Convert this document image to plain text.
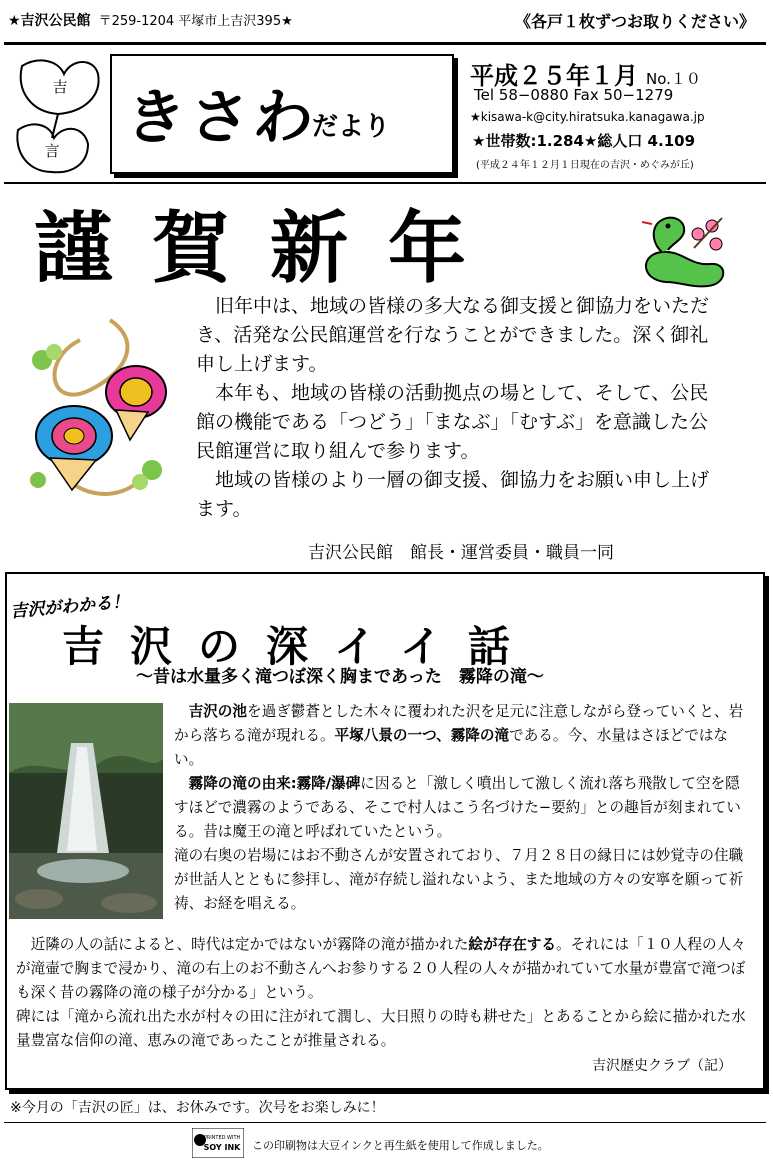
★吉沢公民館 〒259-1204 平塚市上吉沢395★	《各戸１枚ずつお取りください》
吉
言 きさわ
だより
平成２５年１月 No.１０
Tel 58−0880 Fax 50−1279
★kisawa-k@city.hiratsuka.kanagawa.jp
★世帯数:1.284★総人口 4.109
(平成２４年１２月１日現在の吉沢・めぐみが丘)
謹賀新年

旧年中は、地域の皆様の多大なる御支援と御協力をいただき、活発な公民館運営を行なうことができました。深く御礼申し上げます。

本年も、地域の皆様の活動拠点の場として、そして、公民館の機能である「つどう」「まなぶ」「むすぶ」を意識した公民館運営に取り組んで参ります。

地域の皆様のより一層の御支援、御協力をお願い申し上げます。

吉沢公民館　館長・運営委員・職員一同
吉沢がわかる！
吉沢の深イイ話
〜昔は水量多く滝つぼ深く胸まであった　霧降の滝〜

吉沢の池を過ぎ鬱蒼とした木々に覆われた沢を足元に注意しながら登っていくと、岩から落ちる滝が現れる。平塚八景の一つ、霧降の滝である。今、水量はさほどではない。

霧降の滝の由来:霧降/瀑碑に因ると「激しく噴出して激しく流れ落ち飛散して空を隠すほどで濃霧のようである、そこで村人はこう名づけた−要約」との趣旨が刻まれている。昔は魔王の滝と呼ばれていたという。

滝の右奥の岩場にはお不動さんが安置されており、７月２８日の縁日には妙覚寺の住職が世話人とともに参拝し、滝が存続し溢れないよう、また地域の方々の安寧を願って祈祷、お経を唱える。

近隣の人の話によると、時代は定かではないが霧降の滝が描かれた絵が存在する。それには「１０人程の人々が滝壷で胸まで浸かり、滝の右上のお不動さんへお参りする２０人程の人々が描かれていて水量が豊富で滝つぼも深く昔の霧降の滝の様子が分かる」という。

碑には「滝から流れ出た水が村々の田に注がれて潤し、大日照りの時も耕せた」とあることから絵に描かれた水量豊富な信仰の滝、恵みの滝であったことが推量される。

吉沢歴史クラブ（記）
※今月の「吉沢の匠」は、お休みです。次号をお楽しみに！
PRINTED WITH
SOY INK この印刷物は大豆インクと再生紙を使用して作成しました。
